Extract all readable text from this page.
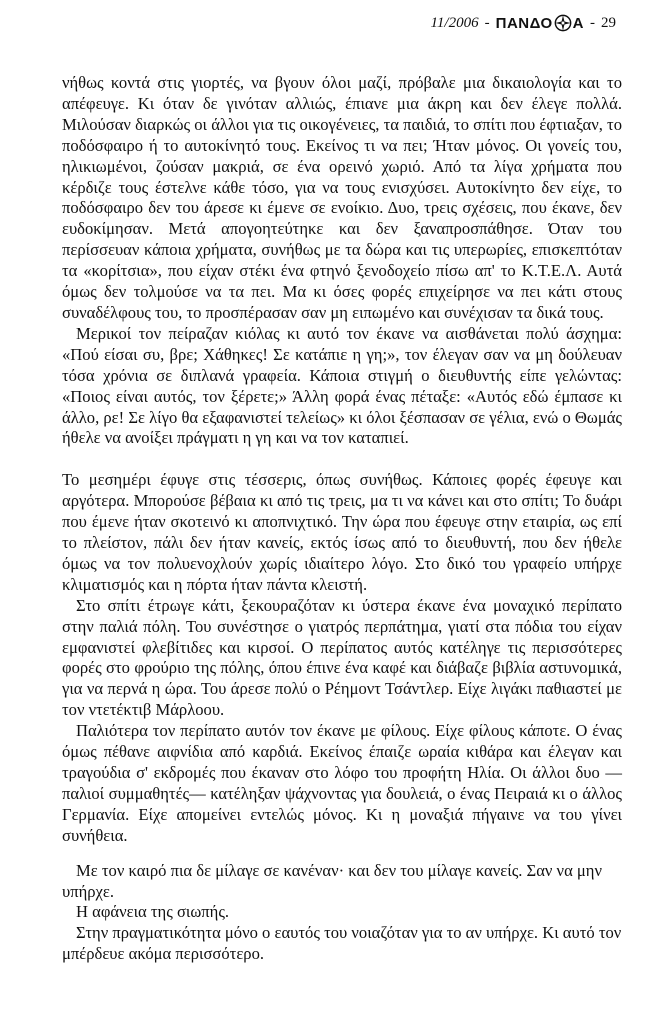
11/2006 - ΠΑΝΔΟ Α - 29

νήθως κοντά στις γιορτές, να βγουν όλοι μαζί, πρόβαλε μια δικαιολογία και το απέφευγε. Κι όταν δε γινόταν αλλιώς, έπιανε μια άκρη και δεν έλεγε πολλά. Μιλούσαν διαρκώς οι άλλοι για τις οικογένειες, τα παιδιά, το σπίτι που έφτιαξαν, το ποδόσφαιρο ή το αυτοκίνητό τους. Εκείνος τι να πει; Ήταν μόνος. Οι γονείς του, ηλικιωμένοι, ζούσαν μακριά, σε ένα ορεινό χωριό. Από τα λίγα χρήματα που κέρδιζε τους έστελνε κάθε τόσο, για να τους ενισχύσει. Αυτοκίνητο δεν είχε, το ποδόσφαιρο δεν του άρεσε κι έμενε σε ενοίκιο. Δυο, τρεις σχέσεις, που έκανε, δεν ευδοκίμησαν. Μετά απογοητεύτηκε και δεν ξαναπροσπάθησε. Όταν του περίσσευαν κάποια χρήματα, συνήθως με τα δώρα και τις υπερωρίες, επισκεπτόταν τα «κορίτσια», που είχαν στέκι ένα φτηνό ξενοδοχείο πίσω απ' το Κ.Τ.Ε.Λ. Αυτά όμως δεν τολμούσε να τα πει. Μα κι όσες φορές επιχείρησε να πει κάτι στους συναδέλφους του, το προσπέρασαν σαν μη ειπωμένο και συνέχισαν τα δικά τους.

Μερικοί τον πείραζαν κιόλας κι αυτό τον έκανε να αισθάνεται πολύ άσχημα: «Πού είσαι συ, βρε; Χάθηκες! Σε κατάπιε η γη;», τον έλεγαν σαν να μη δούλευαν τόσα χρόνια σε διπλανά γραφεία. Κάποια στιγμή ο διευθυντής είπε γελώντας: «Ποιος είναι αυτός, τον ξέρετε;» Άλλη φορά ένας πέταξε: «Αυτός εδώ έμπασε κι άλλο, ρε! Σε λίγο θα εξαφανιστεί τελείως» κι όλοι ξέσπασαν σε γέλια, ενώ ο Θωμάς ήθελε να ανοίξει πράγματι η γη και να τον καταπιεί.

Το μεσημέρι έφυγε στις τέσσερις, όπως συνήθως. Κάποιες φορές έφευγε και αργότερα. Μπορούσε βέβαια κι από τις τρεις, μα τι να κάνει και στο σπίτι; Το δυάρι που έμενε ήταν σκοτεινό κι αποπνιχτικό. Την ώρα που έφευγε στην εταιρία, ως επί το πλείστον, πάλι δεν ήταν κανείς, εκτός ίσως από το διευθυντή, που δεν ήθελε όμως να τον πολυενοχλούν χωρίς ιδιαίτερο λόγο. Στο δικό του γραφείο υπήρχε κλιματισμός και η πόρτα ήταν πάντα κλειστή.

Στο σπίτι έτρωγε κάτι, ξεκουραζόταν κι ύστερα έκανε ένα μοναχικό περίπατο στην παλιά πόλη. Του συνέστησε ο γιατρός περπάτημα, γιατί στα πόδια του είχαν εμφανιστεί φλεβίτιδες και κιρσοί. Ο περίπατος αυτός κατέληγε τις περισσότερες φορές στο φρούριο της πόλης, όπου έπινε ένα καφέ και διάβαζε βιβλία αστυνομικά, για να περνά η ώρα. Του άρεσε πολύ ο Ρέημοντ Τσάντλερ. Είχε λιγάκι παθιαστεί με τον ντετέκτιβ Μάρλοου.

Παλιότερα τον περίπατο αυτόν τον έκανε με φίλους. Είχε φίλους κάποτε. Ο ένας όμως πέθανε αιφνίδια από καρδιά. Εκείνος έπαιζε ωραία κιθάρα και έλεγαν και τραγούδια σ' εκδρομές που έκαναν στο λόφο του προφήτη Ηλία. Οι άλλοι δυο —παλιοί συμμαθητές— κατέληξαν ψάχνοντας για δουλειά, ο ένας Πειραιά κι ο άλλος Γερμανία. Είχε απομείνει εντελώς μόνος. Κι η μοναξιά πήγαινε να του γίνει συνήθεια.

Με τον καιρό πια δε μίλαγε σε κανέναν· και δεν του μίλαγε κανείς. Σαν να μην υπήρχε.

Η αφάνεια της σιωπής.

Στην πραγματικότητα μόνο ο εαυτός του νοιαζόταν για το αν υπήρχε. Κι αυτό τον μπέρδευε ακόμα περισσότερο.
